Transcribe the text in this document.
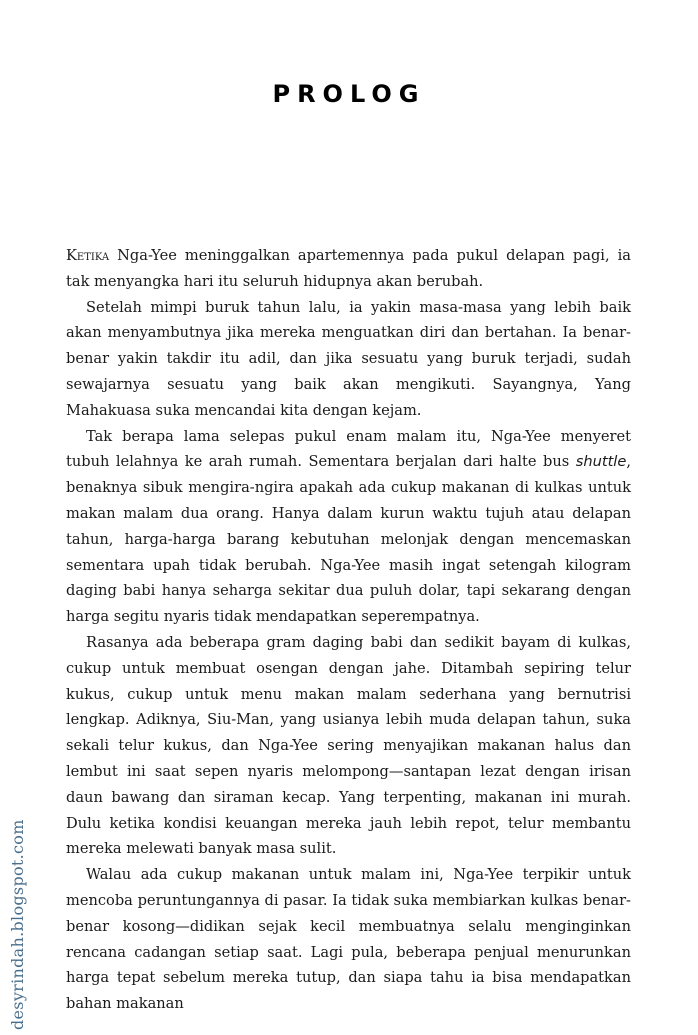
PROLOG

Ketika Nga-Yee meninggalkan apartemennya pada pukul delapan pagi, ia tak menyangka hari itu seluruh hidupnya akan berubah.

Setelah mimpi buruk tahun lalu, ia yakin masa-masa yang lebih baik akan menyambutnya jika mereka menguatkan diri dan bertahan. Ia benar-benar yakin takdir itu adil, dan jika sesuatu yang buruk terjadi, sudah sewajarnya sesuatu yang baik akan mengikuti. Sayangnya, Yang Mahakuasa suka mencandai kita dengan kejam.

Tak berapa lama selepas pukul enam malam itu, Nga-Yee menyeret tubuh lelahnya ke arah rumah. Sementara berjalan dari halte bus shuttle, benaknya sibuk mengira-ngira apakah ada cukup makanan di kulkas untuk makan malam dua orang. Hanya dalam kurun waktu tujuh atau delapan tahun, harga-harga barang kebutuhan melonjak dengan mencemaskan sementara upah tidak berubah. Nga-Yee masih ingat setengah kilogram daging babi hanya seharga sekitar dua puluh dolar, tapi sekarang dengan harga segitu nyaris tidak mendapatkan seperempatnya.

Rasanya ada beberapa gram daging babi dan sedikit bayam di kulkas, cukup untuk membuat osengan dengan jahe. Ditambah sepiring telur kukus, cukup untuk menu makan malam sederhana yang bernutrisi lengkap. Adiknya, Siu-Man, yang usianya lebih muda delapan tahun, suka sekali telur kukus, dan Nga-Yee sering menyajikan makanan halus dan lembut ini saat sepen nyaris melompong—santapan lezat dengan irisan daun bawang dan siraman kecap. Yang terpenting, makanan ini murah. Dulu ketika kondisi keuangan mereka jauh lebih repot, telur membantu mereka melewati banyak masa sulit.

Walau ada cukup makanan untuk malam ini, Nga-Yee terpikir untuk mencoba peruntungannya di pasar. Ia tidak suka membiarkan kulkas benar-benar kosong—didikan sejak kecil membuatnya selalu menginginkan rencana cadangan setiap saat. Lagi pula, beberapa penjual menurunkan harga tepat sebelum mereka tutup, dan siapa tahu ia bisa mendapatkan bahan makanan

desyrindah.blogspot.com
